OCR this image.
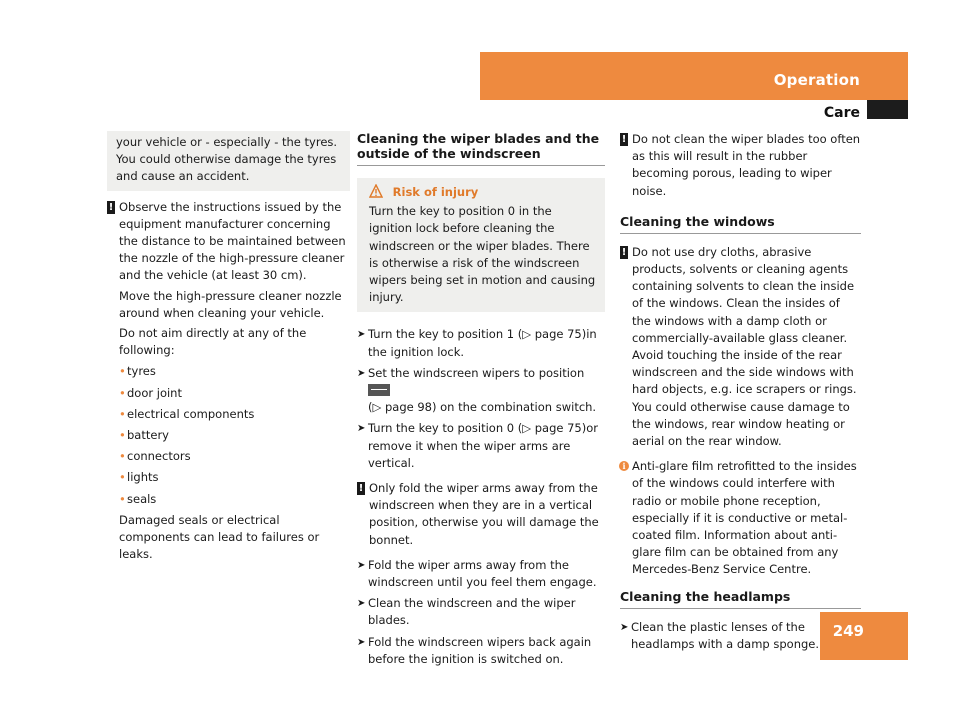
Operation
Care

your vehicle or - especially - the tyres. You could otherwise damage the tyres and cause an accident.

! Observe the instructions issued by the equipment manufacturer concerning the distance to be maintained between the nozzle of the high-pressure cleaner and the vehicle (at least 30 cm).

Move the high-pressure cleaner nozzle around when cleaning your vehicle.

Do not aim directly at any of the following:

• tyres
• door joint
• electrical components
• battery
• connectors
• lights
• seals

Damaged seals or electrical components can lead to failures or leaks.

Cleaning the wiper blades and the outside of the windscreen
Risk of injury

Turn the key to position 0 in the ignition lock before cleaning the windscreen or the wiper blades. There is otherwise a risk of the windscreen wipers being set in motion and causing injury.

➤ Turn the key to position 1 (▷ page 75)in the ignition lock.
➤ Set the windscreen wipers to position
(▷ page 98) on the combination switch.
➤ Turn the key to position 0 (▷ page 75)or remove it when the wiper arms are vertical.
! Only fold the wiper arms away from the windscreen when they are in a vertical position, otherwise you will damage the bonnet.
➤ Fold the wiper arms away from the windscreen until you feel them engage.
➤ Clean the windscreen and the wiper blades.
➤ Fold the windscreen wipers back again before the ignition is switched on.
! Do not clean the wiper blades too often as this will result in the rubber becoming porous, leading to wiper noise.
Cleaning the windows
! Do not use dry cloths, abrasive products, solvents or cleaning agents containing solvents to clean the inside of the windows. Clean the insides of the windows with a damp cloth or commercially-available glass cleaner. Avoid touching the inside of the rear windscreen and the side windows with hard objects, e.g. ice scrapers or rings. You could otherwise cause damage to the windows, rear window heating or aerial on the rear window.
i Anti-glare film retrofitted to the insides of the windows could interfere with radio or mobile phone reception, especially if it is conductive or metal-coated film. Information about anti-glare film can be obtained from any Mercedes-Benz Service Centre.
Cleaning the headlamps
➤ Clean the plastic lenses of the headlamps with a damp sponge.
249
